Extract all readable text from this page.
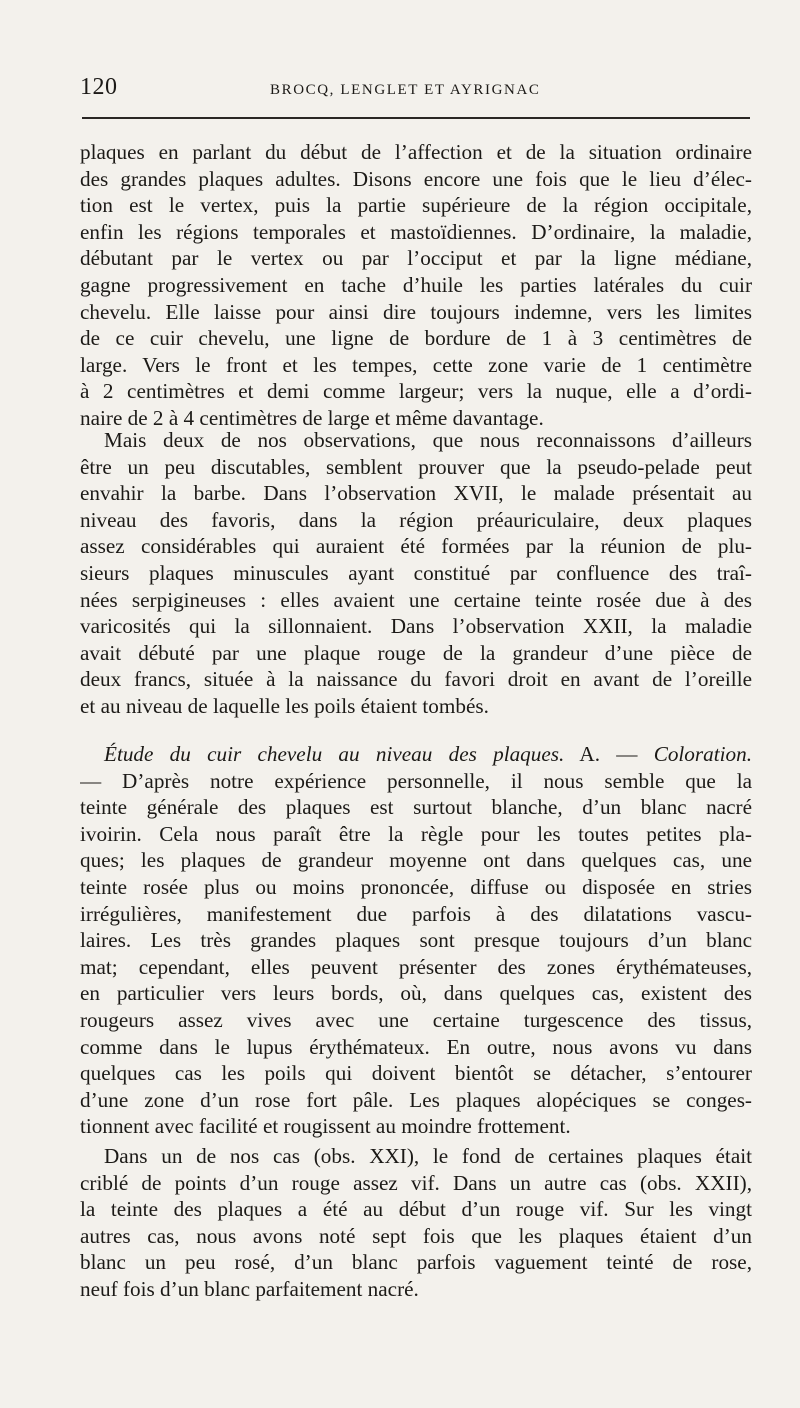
120	BROCQ, LENGLET ET AYRIGNAC
plaques en parlant du début de l’affection et de la situation ordinaire
des grandes plaques adultes. Disons encore une fois que le lieu d’élec-
tion est le vertex, puis la partie supérieure de la région occipitale,
enfin les régions temporales et mastoïdiennes. D’ordinaire, la maladie,
débutant par le vertex ou par l’occiput et par la ligne médiane,
gagne progressivement en tache d’huile les parties latérales du cuir
chevelu. Elle laisse pour ainsi dire toujours indemne, vers les limites
de ce cuir chevelu, une ligne de bordure de 1 à 3 centimètres de
large. Vers le front et les tempes, cette zone varie de 1 centimètre
à 2 centimètres et demi comme largeur; vers la nuque, elle a d’ordi-
naire de 2 à 4 centimètres de large et même davantage.
Mais deux de nos observations, que nous reconnaissons d’ailleurs
être un peu discutables, semblent prouver que la pseudo-pelade peut
envahir la barbe. Dans l’observation XVII, le malade présentait au
niveau des favoris, dans la région préauriculaire, deux plaques
assez considérables qui auraient été formées par la réunion de plu-
sieurs plaques minuscules ayant constitué par confluence des traî-
nées serpigineuses : elles avaient une certaine teinte rosée due à des
varicosités qui la sillonnaient. Dans l’observation XXII, la maladie
avait débuté par une plaque rouge de la grandeur d’une pièce de
deux francs, située à la naissance du favori droit en avant de l’oreille
et au niveau de laquelle les poils étaient tombés.
Étude du cuir chevelu au niveau des plaques. A. — Coloration.
— D’après notre expérience personnelle, il nous semble que la
teinte générale des plaques est surtout blanche, d’un blanc nacré
ivoirin. Cela nous paraît être la règle pour les toutes petites pla-
ques; les plaques de grandeur moyenne ont dans quelques cas, une
teinte rosée plus ou moins prononcée, diffuse ou disposée en stries
irrégulières, manifestement due parfois à des dilatations vascu-
laires. Les très grandes plaques sont presque toujours d’un blanc
mat; cependant, elles peuvent présenter des zones érythémateuses,
en particulier vers leurs bords, où, dans quelques cas, existent des
rougeurs assez vives avec une certaine turgescence des tissus,
comme dans le lupus érythémateux. En outre, nous avons vu dans
quelques cas les poils qui doivent bientôt se détacher, s’entourer
d’une zone d’un rose fort pâle. Les plaques alopéciques se conges-
tionnent avec facilité et rougissent au moindre frottement.
Dans un de nos cas (obs. XXI), le fond de certaines plaques était
criblé de points d’un rouge assez vif. Dans un autre cas (obs. XXII),
la teinte des plaques a été au début d’un rouge vif. Sur les vingt
autres cas, nous avons noté sept fois que les plaques étaient d’un
blanc un peu rosé, d’un blanc parfois vaguement teinté de rose,
neuf fois d’un blanc parfaitement nacré.
